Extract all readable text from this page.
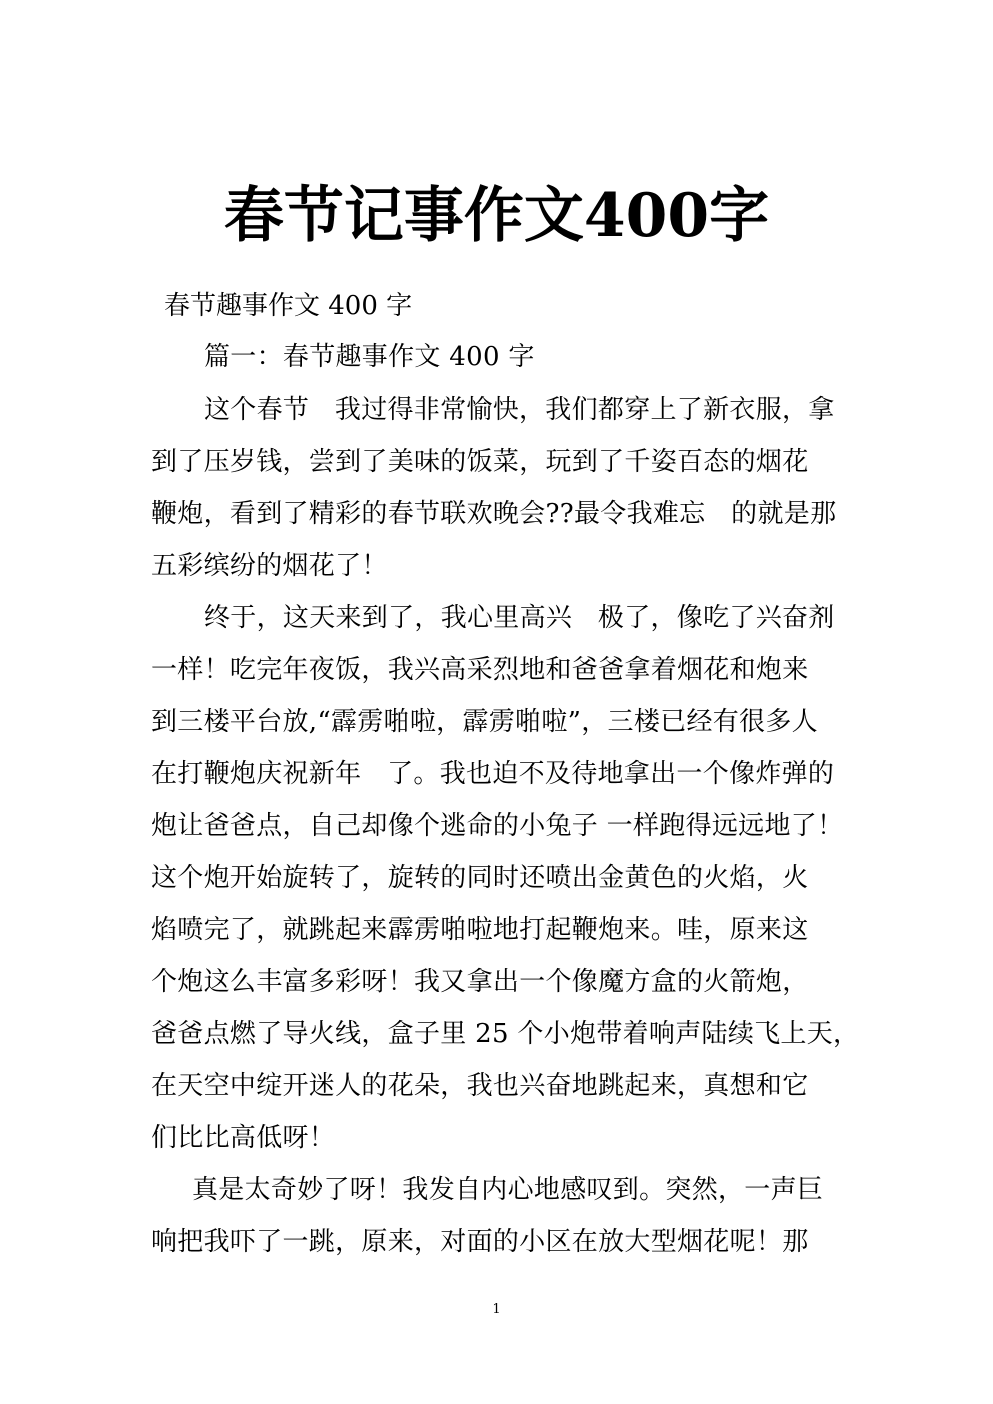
春节记事作文400字
春节趣事作文 400 字
篇一：春节趣事作文 400 字
这个春节   我过得非常愉快，我们都穿上了新衣服，拿
到了压岁钱，尝到了美味的饭菜，玩到了千姿百态的烟花
鞭炮，看到了精彩的春节联欢晚会??最令我难忘   的就是那
五彩缤纷的烟花了！
终于，这天来到了，我心里高兴   极了，像吃了兴奋剂
一样！吃完年夜饭，我兴高采烈地和爸爸拿着烟花和炮来
到三楼平台放,“霹雳啪啦，霹雳啪啦”，三楼已经有很多人
在打鞭炮庆祝新年   了。我也迫不及待地拿出一个像炸弹的
炮让爸爸点，自己却像个逃命的小兔子 一样跑得远远地了！
这个炮开始旋转了，旋转的同时还喷出金黄色的火焰，火
焰喷完了，就跳起来霹雳啪啦地打起鞭炮来。哇，原来这
个炮这么丰富多彩呀！我又拿出一个像魔方盒的火箭炮，
爸爸点燃了导火线，盒子里 25 个小炮带着响声陆续飞上天，
在天空中绽开迷人的花朵，我也兴奋地跳起来，真想和它
们比比高低呀！
真是太奇妙了呀！我发自内心地感叹到。突然，一声巨
响把我吓了一跳，原来，对面的小区在放大型烟花呢！那
1
